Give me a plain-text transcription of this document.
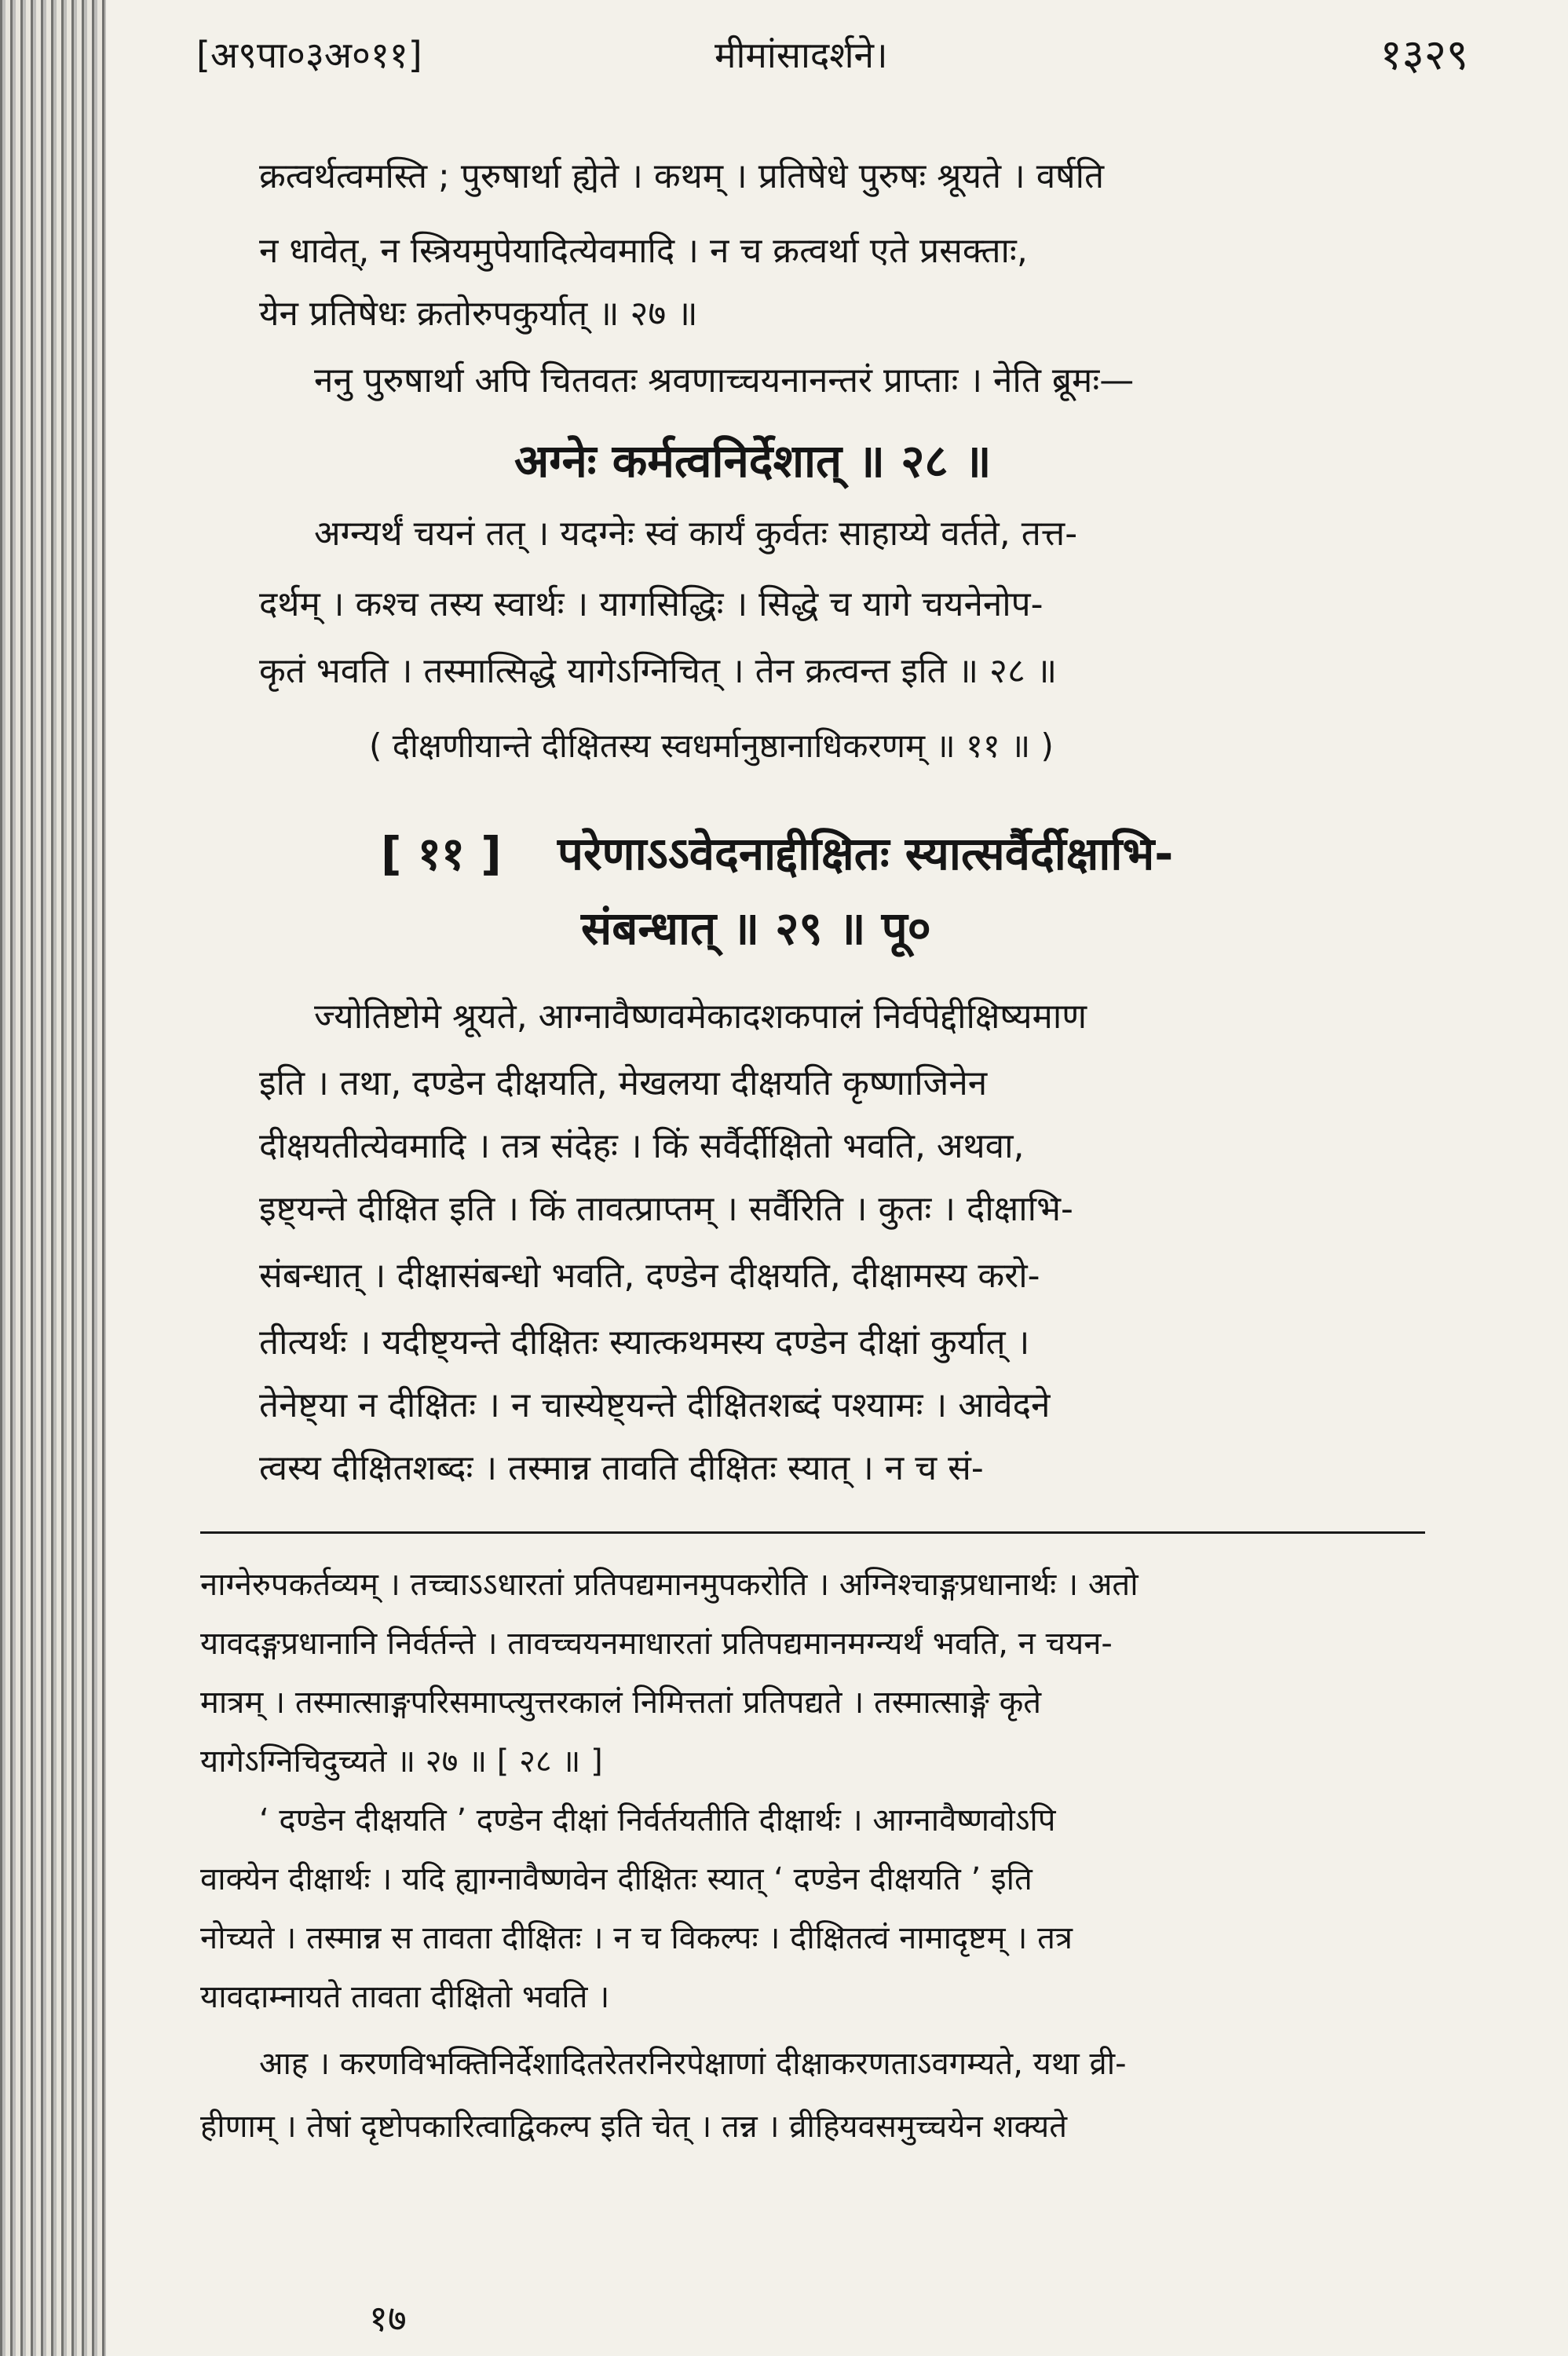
[अ९पा०३अ०११]	मीमांसादर्शने।	१३२९
क्रत्वर्थत्वमस्ति ; पुरुषार्था ह्येते । कथम् । प्रतिषेधे पुरुषः श्रूयते । वर्षति
न धावेत्, न स्त्रियमुपेयादित्येवमादि । न च क्रत्वर्था एते प्रसक्ताः,
येन प्रतिषेधः क्रतोरुपकुर्यात् ॥ २७ ॥
ननु पुरुषार्था अपि चितवतः श्रवणाच्चयनानन्तरं प्राप्ताः । नेति ब्रूमः—
अग्नेः कर्मत्वनिर्देशात् ॥ २८ ॥
अग्न्यर्थं चयनं तत् । यदग्नेः स्वं कार्यं कुर्वतः साहाय्ये वर्तते, तत्त-
दर्थम् । कश्च तस्य स्वार्थः । यागसिद्धिः । सिद्धे च यागे चयनेनोप-
कृतं भवति । तस्मात्सिद्धे यागेऽग्निचित् । तेन क्रत्वन्त इति ॥ २८ ॥
( दीक्षणीयान्ते दीक्षितस्य स्वधर्मानुष्ठानाधिकरणम् ॥ ११ ॥ )
[ ११ ] परेणाऽऽवेदनाद्दीक्षितः स्यात्सर्वैर्दीक्षाभि-
संबन्धात् ॥ २९ ॥ पू०
ज्योतिष्टोमे श्रूयते, आग्नावैष्णवमेकादशकपालं निर्वपेद्दीक्षिष्यमाण
इति । तथा, दण्डेन दीक्षयति, मेखलया दीक्षयति कृष्णाजिनेन
दीक्षयतीत्येवमादि । तत्र संदेहः । किं सर्वैर्दीक्षितो भवति, अथवा,
इष्ट्यन्ते दीक्षित इति । किं तावत्प्राप्तम् । सर्वैरिति । कुतः । दीक्षाभि-
संबन्धात् । दीक्षासंबन्धो भवति, दण्डेन दीक्षयति, दीक्षामस्य करो-
तीत्यर्थः । यदीष्ट्यन्ते दीक्षितः स्यात्कथमस्य दण्डेन दीक्षां कुर्यात् ।
तेनेष्ट्या न दीक्षितः । न चास्येष्ट्यन्ते दीक्षितशब्दं पश्यामः । आवेदने
त्वस्य दीक्षितशब्दः । तस्मान्न तावति दीक्षितः स्यात् । न च सं-
नाग्नेरुपकर्तव्यम् । तच्चाऽऽधारतां प्रतिपद्यमानमुपकरोति । अग्निश्चाङ्गप्रधानार्थः । अतो
यावदङ्गप्रधानानि निर्वर्तन्ते । तावच्चयनमाधारतां प्रतिपद्यमानमग्न्यर्थं भवति, न चयन-
मात्रम् । तस्मात्साङ्गपरिसमाप्त्युत्तरकालं निमित्ततां प्रतिपद्यते । तस्मात्साङ्गे कृते
यागेऽग्निचिदुच्यते ॥ २७ ॥ [ २८ ॥ ]
‘ दण्डेन दीक्षयति ’ दण्डेन दीक्षां निर्वर्तयतीति दीक्षार्थः । आग्नावैष्णवोऽपि
वाक्येन दीक्षार्थः । यदि ह्याग्नावैष्णवेन दीक्षितः स्यात् ‘ दण्डेन दीक्षयति ’ इति
नोच्यते । तस्मान्न स तावता दीक्षितः । न च विकल्पः । दीक्षितत्वं नामादृष्टम् । तत्र
यावदाम्नायते तावता दीक्षितो भवति ।
आह । करणविभक्तिनिर्देशादितरेतरनिरपेक्षाणां दीक्षाकरणताऽवगम्यते, यथा व्री-
हीणाम् । तेषां दृष्टोपकारित्वाद्विकल्प इति चेत् । तन्न । व्रीहियवसमुच्चयेन शक्यते
१७
